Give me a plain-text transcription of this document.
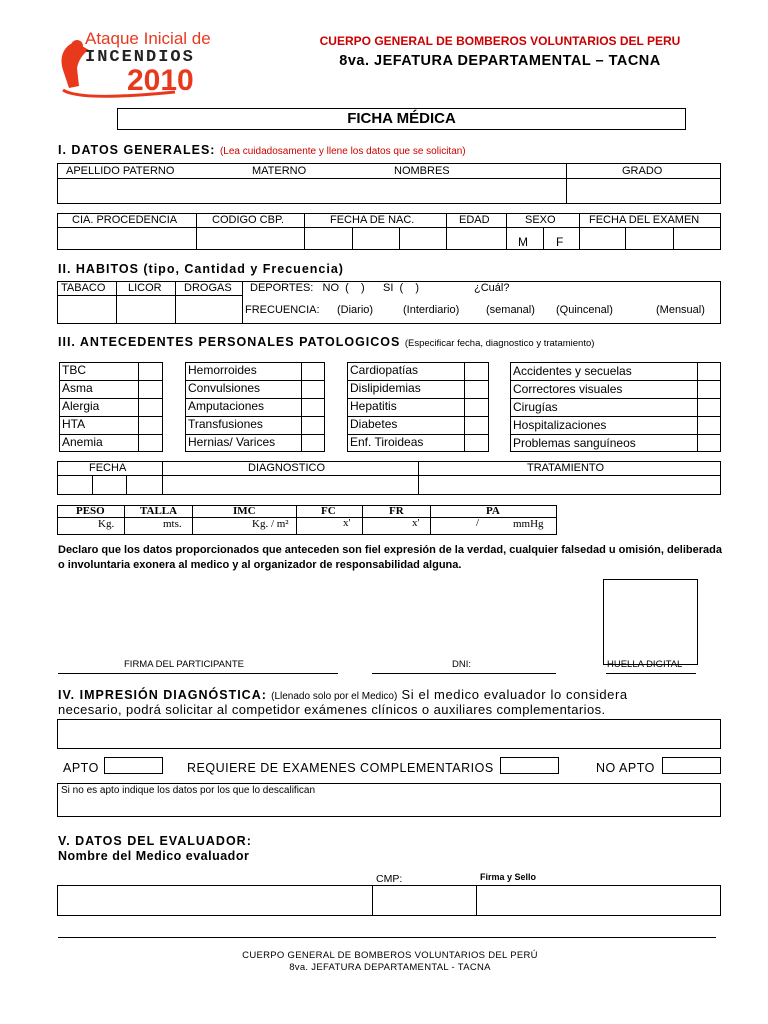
Ataque Inicial de
INCENDIOS
2010
CUERPO GENERAL DE BOMBEROS VOLUNTARIOS DEL PERU
8va. JEFATURA DEPARTAMENTAL – TACNA
FICHA MÉDICA
I. DATOS GENERALES: (Lea cuidadosamente y llene los datos que se solicitan)
APELLIDO PATERNO	MATERNO	NOMBRES	GRADO
CIA. PROCEDENCIA	CODIGO CBP.	FECHA DE NAC.	EDAD	SEXO	FECHA DEL EXAMEN
M F
II. HABITOS (tipo, Cantidad y Frecuencia)
TABACO LICOR DROGAS DEPORTES:   NO  (    )      SI  (    )	¿Cuál?
FRECUENCIA: (Diario)	(Interdiario) (semanal) (Quincenal)	(Mensual)
III. ANTECEDENTES PERSONALES PATOLOGICOS (Especificar fecha, diagnostico y tratamiento)
TBC
Asma
Alergia
HTA
Anemia
Hemorroides
Convulsiones
Amputaciones
Transfusiones
Hernias/ Varices
Cardiopatías
Dislipidemias
Hepatitis
Diabetes
Enf. Tiroideas
Accidentes y secuelas
Correctores visuales
Cirugías
Hospitalizaciones
Problemas sanguíneos
FECHA	DIAGNOSTICO	TRATAMIENTO
PESO	TALLA	IMC	FC	FR	PA
Kg.	mts.	Kg. / m²	x'	x'	/	mmHg
Declaro que los datos proporcionados que anteceden son fiel expresión de la verdad, cualquier falsedad u omisión, deliberada o involuntaria exonera al medico y al organizador de responsabilidad alguna.
FIRMA DEL PARTICIPANTE	DNI:	HUELLA DIGITAL
IV. IMPRESIÓN DIAGNÓSTICA: (Llenado solo por el Medico) Si el medico evaluador lo considera
necesario, podrá solicitar al competidor exámenes clínicos o auxiliares complementarios.
APTO	REQUIERE DE EXAMENES COMPLEMENTARIOS	NO APTO
Si no es apto indique los datos por los que lo descalifican
V. DATOS DEL EVALUADOR:
Nombre del Medico evaluador
CMP:	Firma y Sello
CUERPO GENERAL DE BOMBEROS VOLUNTARIOS DEL PERÚ
8va. JEFATURA DEPARTAMENTAL - TACNA
